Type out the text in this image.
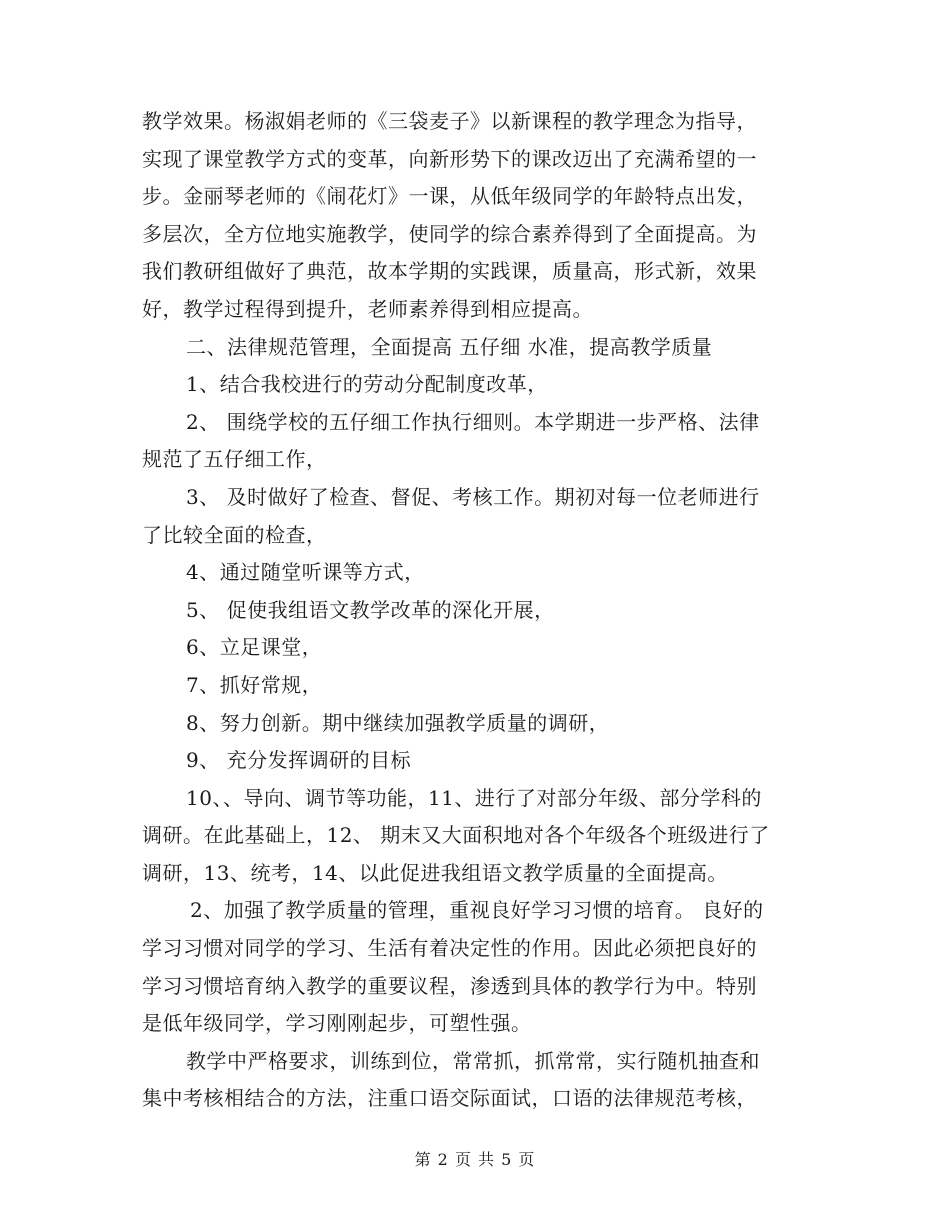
教学效果。杨淑娟老师的《三袋麦子》以新课程的教学理念为指导，
实现了课堂教学方式的变革，向新形势下的课改迈出了充满希望的一
步。金丽琴老师的《闹花灯》一课，从低年级同学的年龄特点出发，
多层次，全方位地实施教学，使同学的综合素养得到了全面提高。为
我们教研组做好了典范，故本学期的实践课，质量高，形式新，效果
好，教学过程得到提升，老师素养得到相应提高。
二、法律规范管理，全面提高 五仔细 水准，提高教学质量
1、结合我校进行的劳动分配制度改革，
2、 围绕学校的五仔细工作执行细则。本学期进一步严格、法律
规范了五仔细工作，
3、 及时做好了检查、督促、考核工作。期初对每一位老师进行
了比较全面的检查，
4、通过随堂听课等方式，
5、 促使我组语文教学改革的深化开展，
6、立足课堂，
7、抓好常规，
8、努力创新。期中继续加强教学质量的调研，
9、 充分发挥调研的目标
10、、导向、调节等功能，11、进行了对部分年级、部分学科的
调研。在此基础上，12、 期末又大面积地对各个年级各个班级进行了
调研，13、统考，14、以此促进我组语文教学质量的全面提高。
2、加强了教学质量的管理，重视良好学习习惯的培育。 良好的
学习习惯对同学的学习、生活有着决定性的作用。因此必须把良好的
学习习惯培育纳入教学的重要议程，渗透到具体的教学行为中。特别
是低年级同学，学习刚刚起步，可塑性强。
教学中严格要求，训练到位，常常抓，抓常常，实行随机抽查和
集中考核相结合的方法，注重口语交际面试，口语的法律规范考核，
第 2 页 共 5 页
